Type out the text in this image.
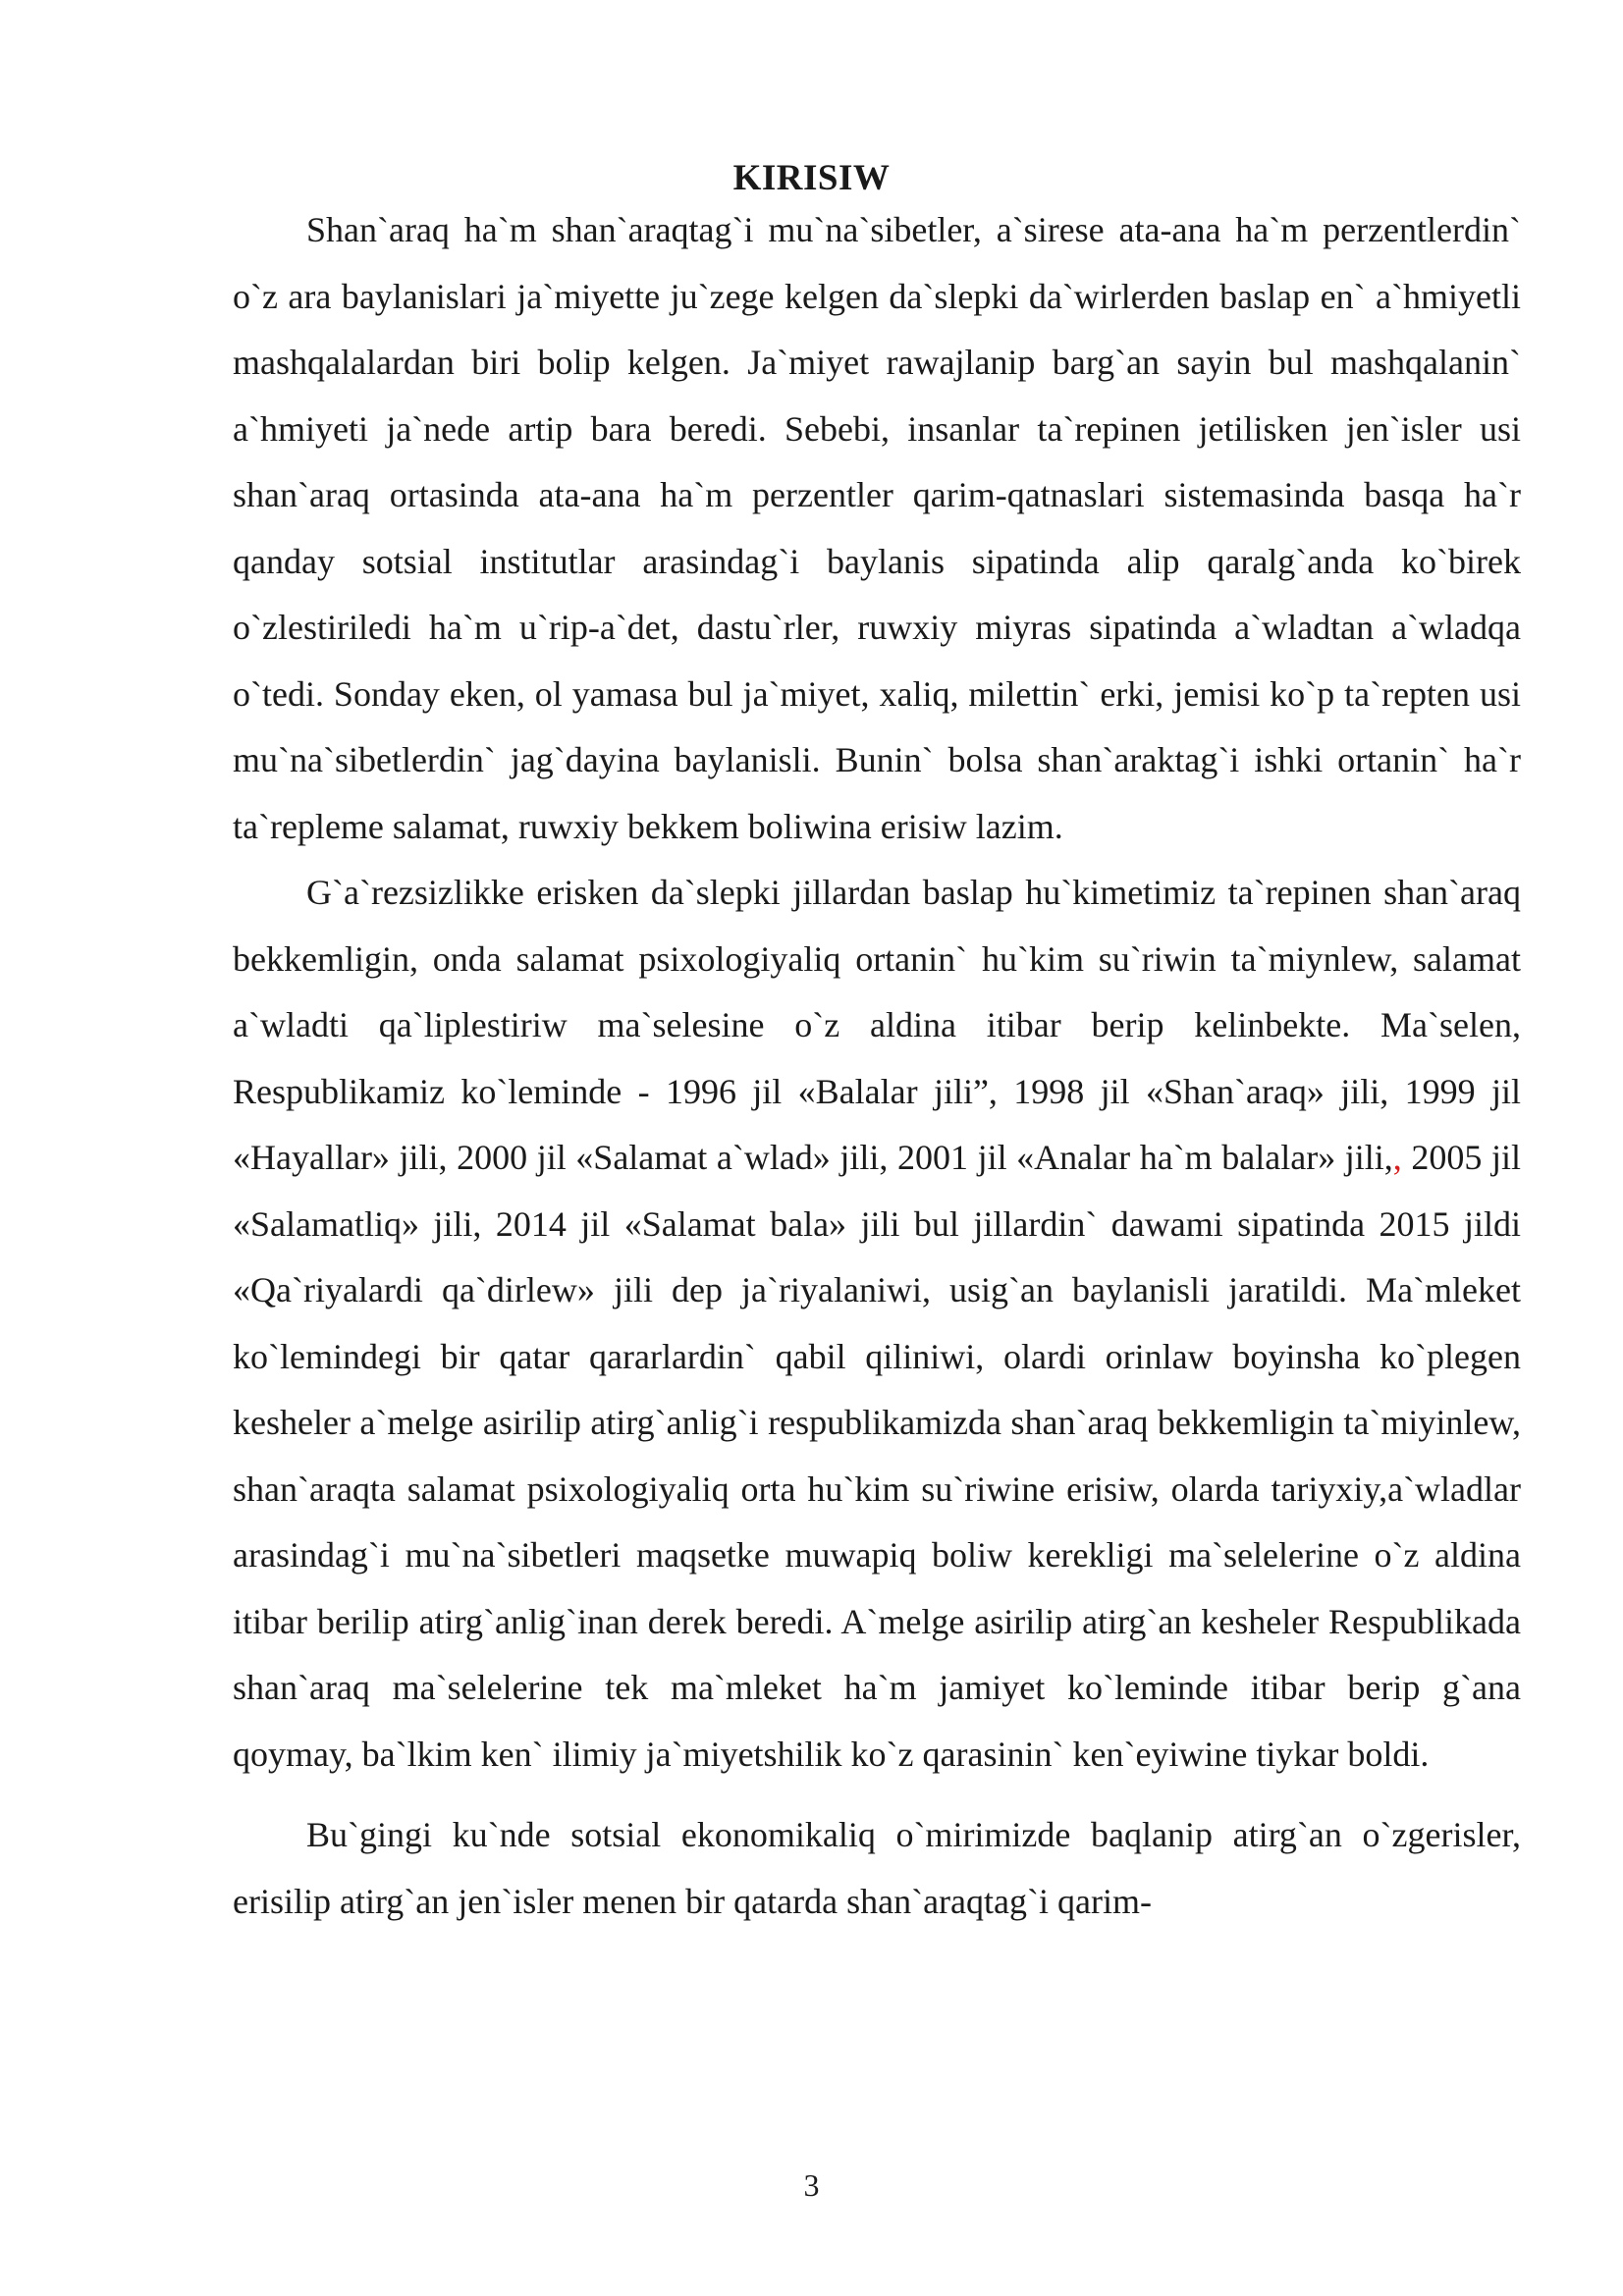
KIRISIW

Shan`araq ha`m shan`araqtag`i mu`na`sibetler, a`sirese ata-ana ha`m perzentlerdin` o`z ara baylanislari ja`miyette ju`zege kelgen da`slepki da`wirlerden baslap en` a`hmiyetli mashqalalardan biri bolip kelgen. Ja`miyet rawajlanip barg`an sayin bul mashqalanin` a`hmiyeti ja`nede artip bara beredi. Sebebi, insanlar ta`repinen jetilisken jen`isler usi shan`araq ortasinda ata-ana ha`m perzentler qarim-qatnaslari sistemasinda basqa ha`r qanday sotsial institutlar arasindag`i baylanis sipatinda alip qaralg`anda ko`birek o`zlestiriledi ha`m u`rip-a`det, dastu`rler, ruwxiy miyras sipatinda a`wladtan a`wladqa o`tedi. Sonday eken, ol yamasa bul ja`miyet, xaliq, milettin` erki, jemisi ko`p ta`repten usi mu`na`sibetlerdin` jag`dayina baylanisli. Bunin` bolsa shan`araktag`i ishki ortanin` ha`r ta`repleme salamat, ruwxiy bekkem boliwina erisiw lazim.

G`a`rezsizlikke erisken da`slepki jillardan baslap hu`kimetimiz ta`repinen shan`araq bekkemligin, onda salamat psixologiyaliq ortanin` hu`kim su`riwin ta`miynlew, salamat a`wladti qa`liplestiriw ma`selesine o`z aldina itibar berip kelinbekte. Ma`selen, Respublikamiz ko`leminde - 1996 jil «Balalar jili”, 1998 jil «Shan`araq» jili, 1999 jil «Hayallar» jili, 2000 jil «Salamat a`wlad» jili, 2001 jil «Analar ha`m balalar» jili,, 2005 jil «Salamatliq» jili, 2014 jil «Salamat bala» jili bul jillardin` dawami sipatinda 2015 jildi «Qa`riyalardi qa`dirlew» jili dep ja`riyalaniwi, usig`an baylanisli jaratildi. Ma`mleket ko`lemindegi bir qatar qararlardin` qabil qiliniwi, olardi orinlaw boyinsha ko`plegen kesheler a`melge asirilip atirg`anlig`i respublikamizda shan`araq bekkemligin ta`miyinlew, shan`araqta salamat psixologiyaliq orta hu`kim su`riwine erisiw, olarda tariyxiy,a`wladlar arasindag`i mu`na`sibetleri maqsetke muwapiq boliw kerekligi ma`selelerine o`z aldina itibar berilip atirg`anlig`inan derek beredi. A`melge asirilip atirg`an kesheler Respublikada shan`araq ma`selelerine tek ma`mleket ha`m jamiyet ko`leminde itibar berip g`ana qoymay, ba`lkim ken` ilimiy ja`miyetshilik ko`z qarasinin` ken`eyiwine tiykar boldi.

Bu`gingi ku`nde sotsial ekonomikaliq o`mirimizde baqlanip atirg`an o`zgerisler, erisilip atirg`an jen`isler menen bir qatarda shan`araqtag`i qarim-

3
